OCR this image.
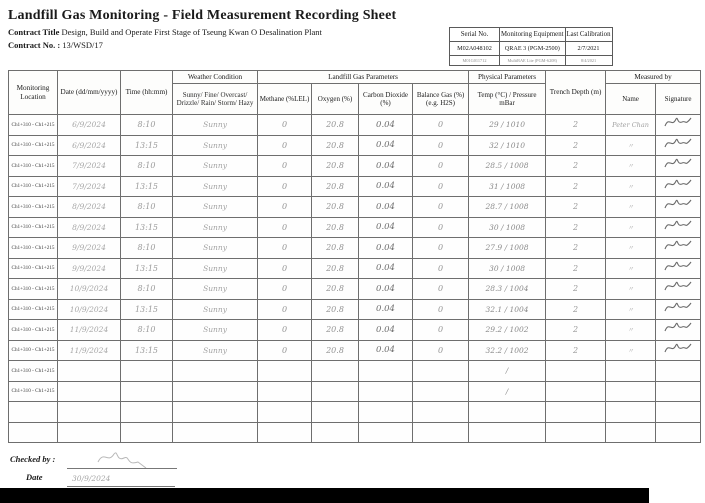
Landfill Gas Monitoring - Field Measurement Recording Sheet
Contract Title Design, Build and Operate First Stage of Tseung Kwan O Desalination Plant
Contract No. : 13/WSD/17
Serial No.	Monitoring Equipment	Last Calibration
M02A048102	QRAE 3 (PGM-2500)	2/7/2021
M01G011712	MultiRAE Lite (PGM-6208)	8/4/2021
Monitoring Location	Date (dd/mm/yyyy)	Time (hh:mm)	Weather Condition	Landfill Gas Parameters				Physical Parameters	Trench Depth (m)	Measured by	
			Sunny/ Fine/ Overcast/ Drizzle/ Rain/ Storm/ Hazy	Methane (%LEL)	Oxygen (%)	Carbon Dioxide (%)	Balance Gas (%) (e.g. H2S)	Temp (°C) / Pressure mBar		Name	Signature
Ch1+310 - Ch1+215	6/9/2024	8:10	Sunny	0	20.8	0.04	0	29 / 1010	2	Peter Chan	
Ch1+310 - Ch1+215	6/9/2024	13:15	Sunny	0	20.8	0.04	0	32 / 1010	2	〃	
Ch1+310 - Ch1+215	7/9/2024	8:10	Sunny	0	20.8	0.04	0	28.5 / 1008	2	〃	
Ch1+310 - Ch1+215	7/9/2024	13:15	Sunny	0	20.8	0.04	0	31 / 1008	2	〃	
Ch1+310 - Ch1+215	8/9/2024	8:10	Sunny	0	20.8	0.04	0	28.7 / 1008	2	〃	
Ch1+310 - Ch1+215	8/9/2024	13:15	Sunny	0	20.8	0.04	0	30 / 1008	2	〃	
Ch1+310 - Ch1+215	9/9/2024	8:10	Sunny	0	20.8	0.04	0	27.9 / 1008	2	〃	
Ch1+310 - Ch1+215	9/9/2024	13:15	Sunny	0	20.8	0.04	0	30 / 1008	2	〃	
Ch1+310 - Ch1+215	10/9/2024	8:10	Sunny	0	20.8	0.04	0	28.3 / 1004	2	〃	
Ch1+310 - Ch1+215	10/9/2024	13:15	Sunny	0	20.8	0.04	0	32.1 / 1004	2	〃	
Ch1+310 - Ch1+215	11/9/2024	8:10	Sunny	0	20.8	0.04	0	29.2 / 1002	2	〃	
Ch1+310 - Ch1+215	11/9/2024	13:15	Sunny	0	20.8	0.04	0	32.2 / 1002	2	〃	
Ch1+310 - Ch1+215								/			
Ch1+310 - Ch1+215								/			

Checked by :
Date	30/9/2024
